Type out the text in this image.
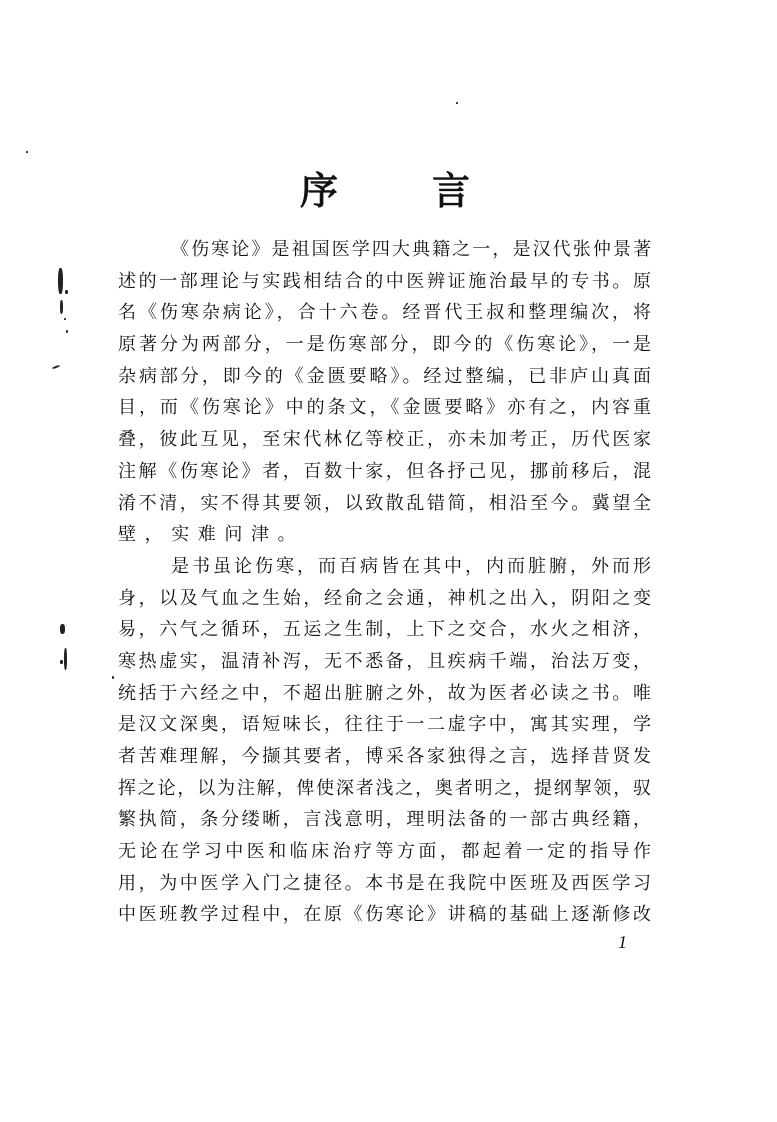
序 言
《伤寒论》是祖国医学四大典籍之一，是汉代张仲景著
述的一部理论与实践相结合的中医辨证施治最早的专书。原
名《伤寒杂病论》，合十六卷。经晋代王叔和整理编次，将
原著分为两部分，一是伤寒部分，即今的《伤寒论》，一是
杂病部分，即今的《金匮要略》。经过整编，已非庐山真面
目，而《伤寒论》中的条文，《金匮要略》亦有之，内容重
叠，彼此互见，至宋代林亿等校正，亦未加考正，历代医家
注解《伤寒论》者，百数十家，但各抒己见，挪前移后，混
淆不清，实不得其要领，以致散乱错简，相沿至今。冀望全
壁，实难问津。
是书虽论伤寒，而百病皆在其中，内而脏腑，外而形
身，以及气血之生始，经俞之会通，神机之出入，阴阳之变
易，六气之循环，五运之生制，上下之交合，水火之相济，
寒热虚实，温清补泻，无不悉备，且疾病千端，治法万变，
统括于六经之中，不超出脏腑之外，故为医者必读之书。唯
是汉文深奥，语短味长，往往于一二虚字中，寓其实理，学
者苦难理解，今撷其要者，博采各家独得之言，选择昔贤发
挥之论，以为注解，俾使深者浅之，奥者明之，提纲挈领，驭
繁执简，条分缕晰，言浅意明，理明法备的一部古典经籍，
无论在学习中医和临床治疗等方面，都起着一定的指导作
用，为中医学入门之捷径。本书是在我院中医班及西医学习
中医班教学过程中，在原《伤寒论》讲稿的基础上逐渐修改
1
